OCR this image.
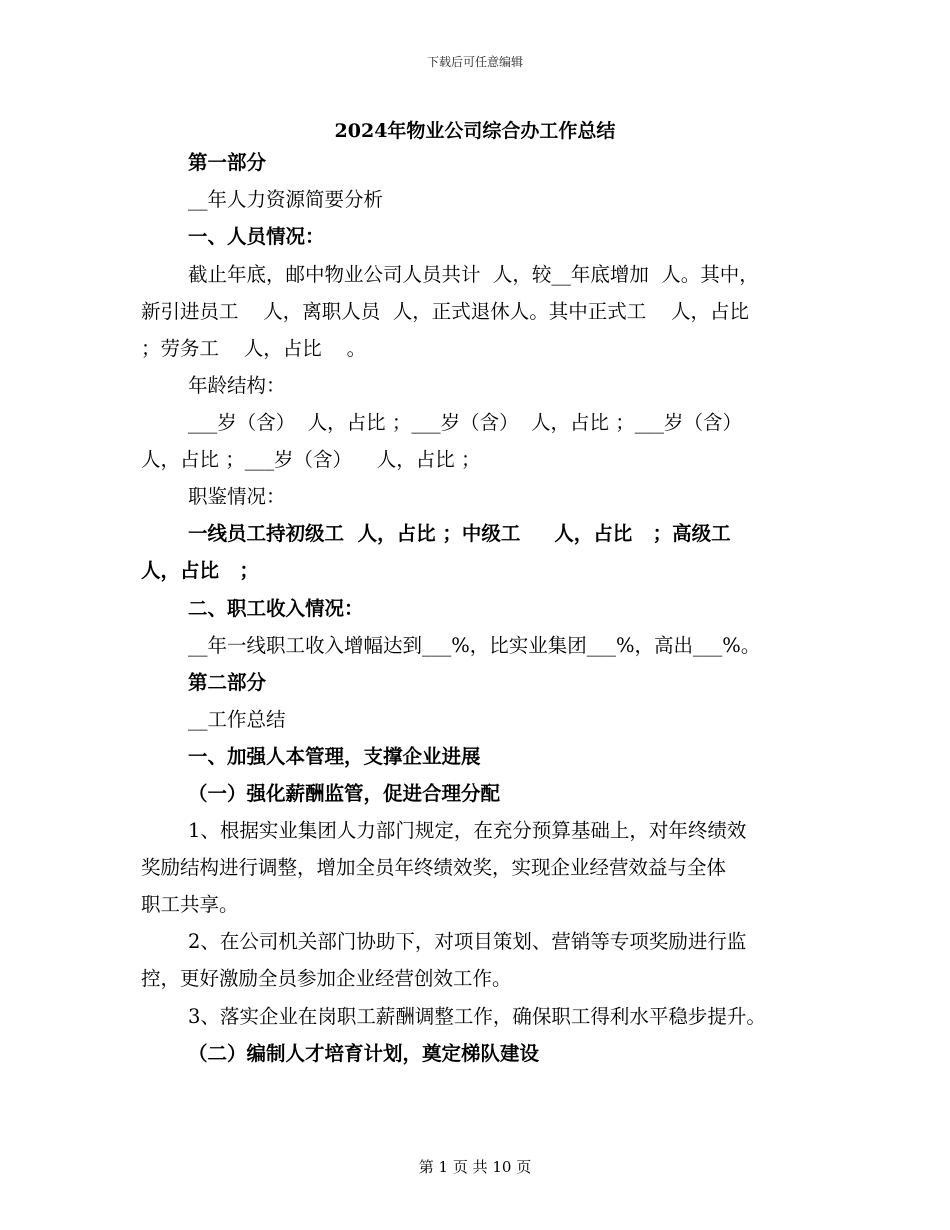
下载后可任意编辑
2024年物业公司综合办工作总结
第一部分
__年人力资源简要分析
一、人员情况：
截止年底，邮中物业公司人员共计  人，较__年底增加  人。其中，
新引进员工    人，离职人员  人，正式退休人。其中正式工    人，占比
；劳务工    人，占比    。
年龄结构：
___岁（含）  人，占比 ；___岁（含）  人，占比 ；___岁（含）
人，占比 ；___岁（含）    人，占比 ；
职鉴情况：
一线员工持初级工  人，占比 ；中级工     人，占比   ；高级工
人，占比   ；
二、职工收入情况：
__年一线职工收入增幅达到___%，比实业集团___%，高出___%。
第二部分
__工作总结
一、加强人本管理，支撑企业进展
（一）强化薪酬监管，促进合理分配
1、根据实业集团人力部门规定，在充分预算基础上，对年终绩效
奖励结构进行调整，增加全员年终绩效奖，实现企业经营效益与全体
职工共享。
2、在公司机关部门协助下，对项目策划、营销等专项奖励进行监
控，更好激励全员参加企业经营创效工作。
3、落实企业在岗职工薪酬调整工作，确保职工得利水平稳步提升。
（二）编制人才培育计划，奠定梯队建设
第 1 页 共 10 页
